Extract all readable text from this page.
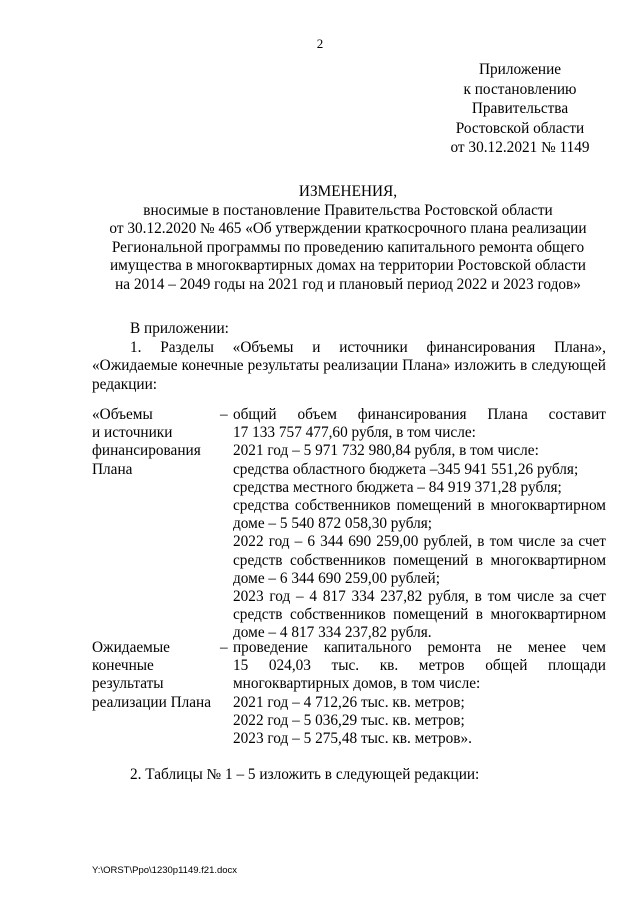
2
Приложение
к постановлению
Правительства
Ростовской области
от 30.12.2021 № 1149
ИЗМЕНЕНИЯ,
вносимые в постановление Правительства Ростовской области
от 30.12.2020 № 465 «Об утверждении краткосрочного плана реализации
Региональной программы по проведению капитального ремонта общего
имущества в многоквартирных домах на территории Ростовской области
на 2014 – 2049 годы на 2021 год и плановый период 2022 и 2023 годов»
В приложении:
1. Разделы «Объемы и источники финансирования Плана»,
«Ожидаемые конечные результаты реализации Плана» изложить в следующей редакции:
«Объемы
и источники
финансирования
Плана
– общий объем финансирования Плана составит
17 133 757 477,60 рубля, в том числе:
2021 год – 5 971 732 980,84 рубля, в том числе:
средства областного бюджета –345 941 551,26 рубля;
средства местного бюджета – 84 919 371,28 рубля;
средства собственников помещений в многоквартирном
доме – 5 540 872 058,30 рубля;
2022 год – 6 344 690 259,00 рублей, в том числе за счет
средств собственников помещений в многоквартирном
доме – 6 344 690 259,00 рублей;
2023 год – 4 817 334 237,82 рубля, в том числе за счет
средств собственников помещений в многоквартирном
доме – 4 817 334 237,82 рубля.
Ожидаемые
конечные
результаты
реализации Плана
– проведение капитального ремонта не менее чем
15 024,03 тыс. кв. метров общей площади
многоквартирных домов, в том числе:
2021 год – 4 712,26 тыс. кв. метров;
2022 год – 5 036,29 тыс. кв. метров;
2023 год – 5 275,48 тыс. кв. метров».
2. Таблицы № 1 – 5 изложить в следующей редакции:
Y:\ORST\Ppo\1230p1149.f21.docx
